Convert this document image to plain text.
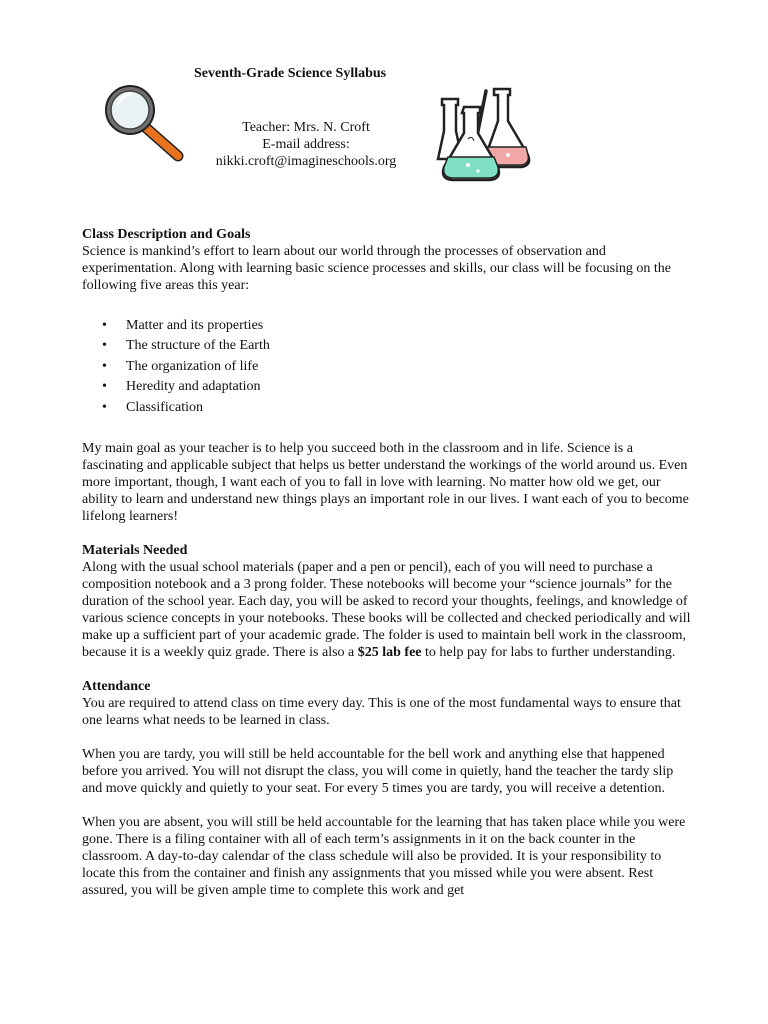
Seventh-Grade Science Syllabus
Teacher: Mrs. N. Croft
E-mail address:
nikki.croft@imagineschools.org
Class Description and Goals

Science is mankind’s effort to learn about our world through the processes of observation and experimentation. Along with learning basic science processes and skills, our class will be focusing on the following five areas this year:

• Matter and its properties
• The structure of the Earth
• The organization of life
• Heredity and adaptation
• Classification

My main goal as your teacher is to help you succeed both in the classroom and in life. Science is a fascinating and applicable subject that helps us better understand the workings of the world around us. Even more important, though, I want each of you to fall in love with learning. No matter how old we get, our ability to learn and understand new things plays an important role in our lives. I want each of you to become lifelong learners!

Materials Needed

Along with the usual school materials (paper and a pen or pencil), each of you will need to purchase a composition notebook and a 3 prong folder. These notebooks will become your “science journals” for the duration of the school year. Each day, you will be asked to record your thoughts, feelings, and knowledge of various science concepts in your notebooks. These books will be collected and checked periodically and will make up a sufficient part of your academic grade. The folder is used to maintain bell work in the classroom, because it is a weekly quiz grade. There is also a $25 lab fee to help pay for labs to further understanding.

Attendance

You are required to attend class on time every day. This is one of the most fundamental ways to ensure that one learns what needs to be learned in class.

When you are tardy, you will still be held accountable for the bell work and anything else that happened before you arrived. You will not disrupt the class, you will come in quietly, hand the teacher the tardy slip and move quickly and quietly to your seat. For every 5 times you are tardy, you will receive a detention.

When you are absent, you will still be held accountable for the learning that has taken place while you were gone. There is a filing container with all of each term’s assignments in it on the back counter in the classroom. A day-to-day calendar of the class schedule will also be provided. It is your responsibility to locate this from the container and finish any assignments that you missed while you were absent. Rest assured, you will be given ample time to complete this work and get
